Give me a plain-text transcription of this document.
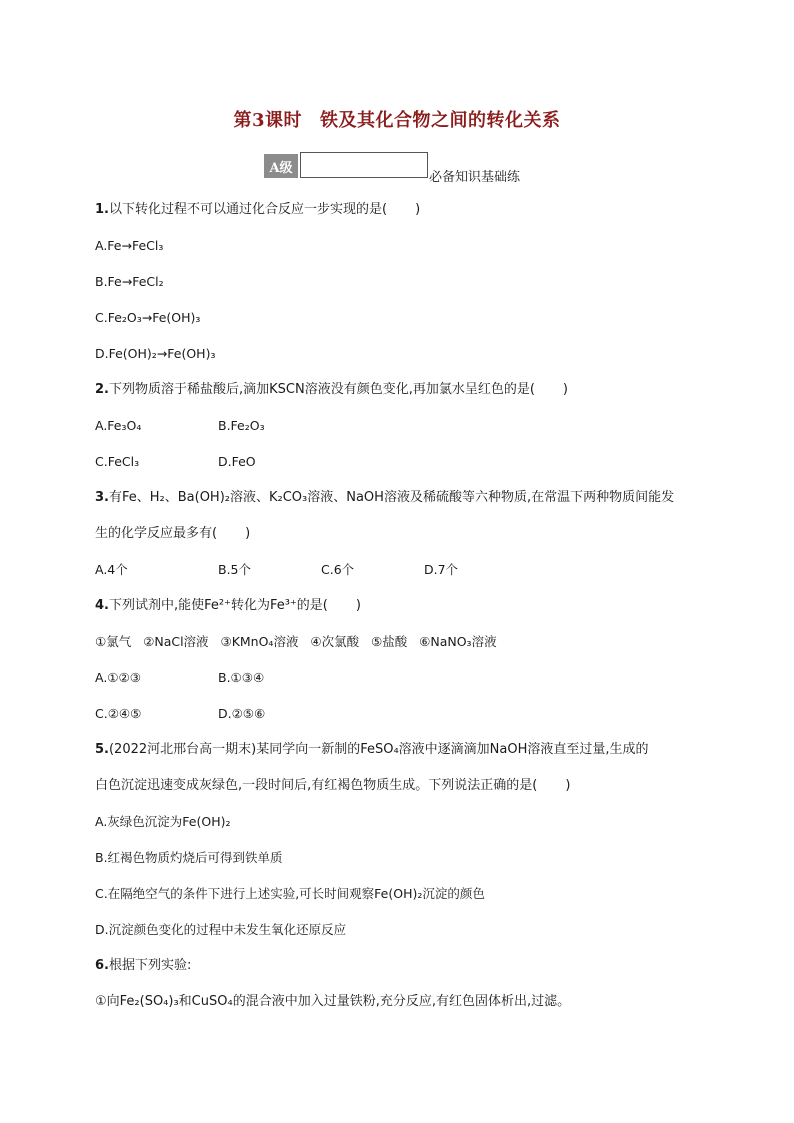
第3课时 铁及其化合物之间的转化关系
A级
必备知识基础练
1.以下转化过程不可以通过化合反应一步实现的是( )
A.Fe→FeCl₃
B.Fe→FeCl₂
C.Fe₂O₃→Fe(OH)₃
D.Fe(OH)₂→Fe(OH)₃
2.下列物质溶于稀盐酸后,滴加KSCN溶液没有颜色变化,再加氯水呈红色的是( )
A.Fe₃O₄	B.Fe₂O₃
C.FeCl₃	D.FeO
3.有Fe、H₂、Ba(OH)₂溶液、K₂CO₃溶液、NaOH溶液及稀硫酸等六种物质,在常温下两种物质间能发
生的化学反应最多有( )
A.4个	B.5个	C.6个	D.7个
4.下列试剂中,能使Fe²⁺转化为Fe³⁺的是( )
①氯气 ②NaCl溶液 ③KMnO₄溶液 ④次氯酸 ⑤盐酸 ⑥NaNO₃溶液
A.①②③	B.①③④
C.②④⑤	D.②⑤⑥
5.(2022河北邢台高一期末)某同学向一新制的FeSO₄溶液中逐滴滴加NaOH溶液直至过量,生成的
白色沉淀迅速变成灰绿色,一段时间后,有红褐色物质生成。下列说法正确的是( )
A.灰绿色沉淀为Fe(OH)₂
B.红褐色物质灼烧后可得到铁单质
C.在隔绝空气的条件下进行上述实验,可长时间观察Fe(OH)₂沉淀的颜色
D.沉淀颜色变化的过程中未发生氧化还原反应
6.根据下列实验:
①向Fe₂(SO₄)₃和CuSO₄的混合液中加入过量铁粉,充分反应,有红色固体析出,过滤。
